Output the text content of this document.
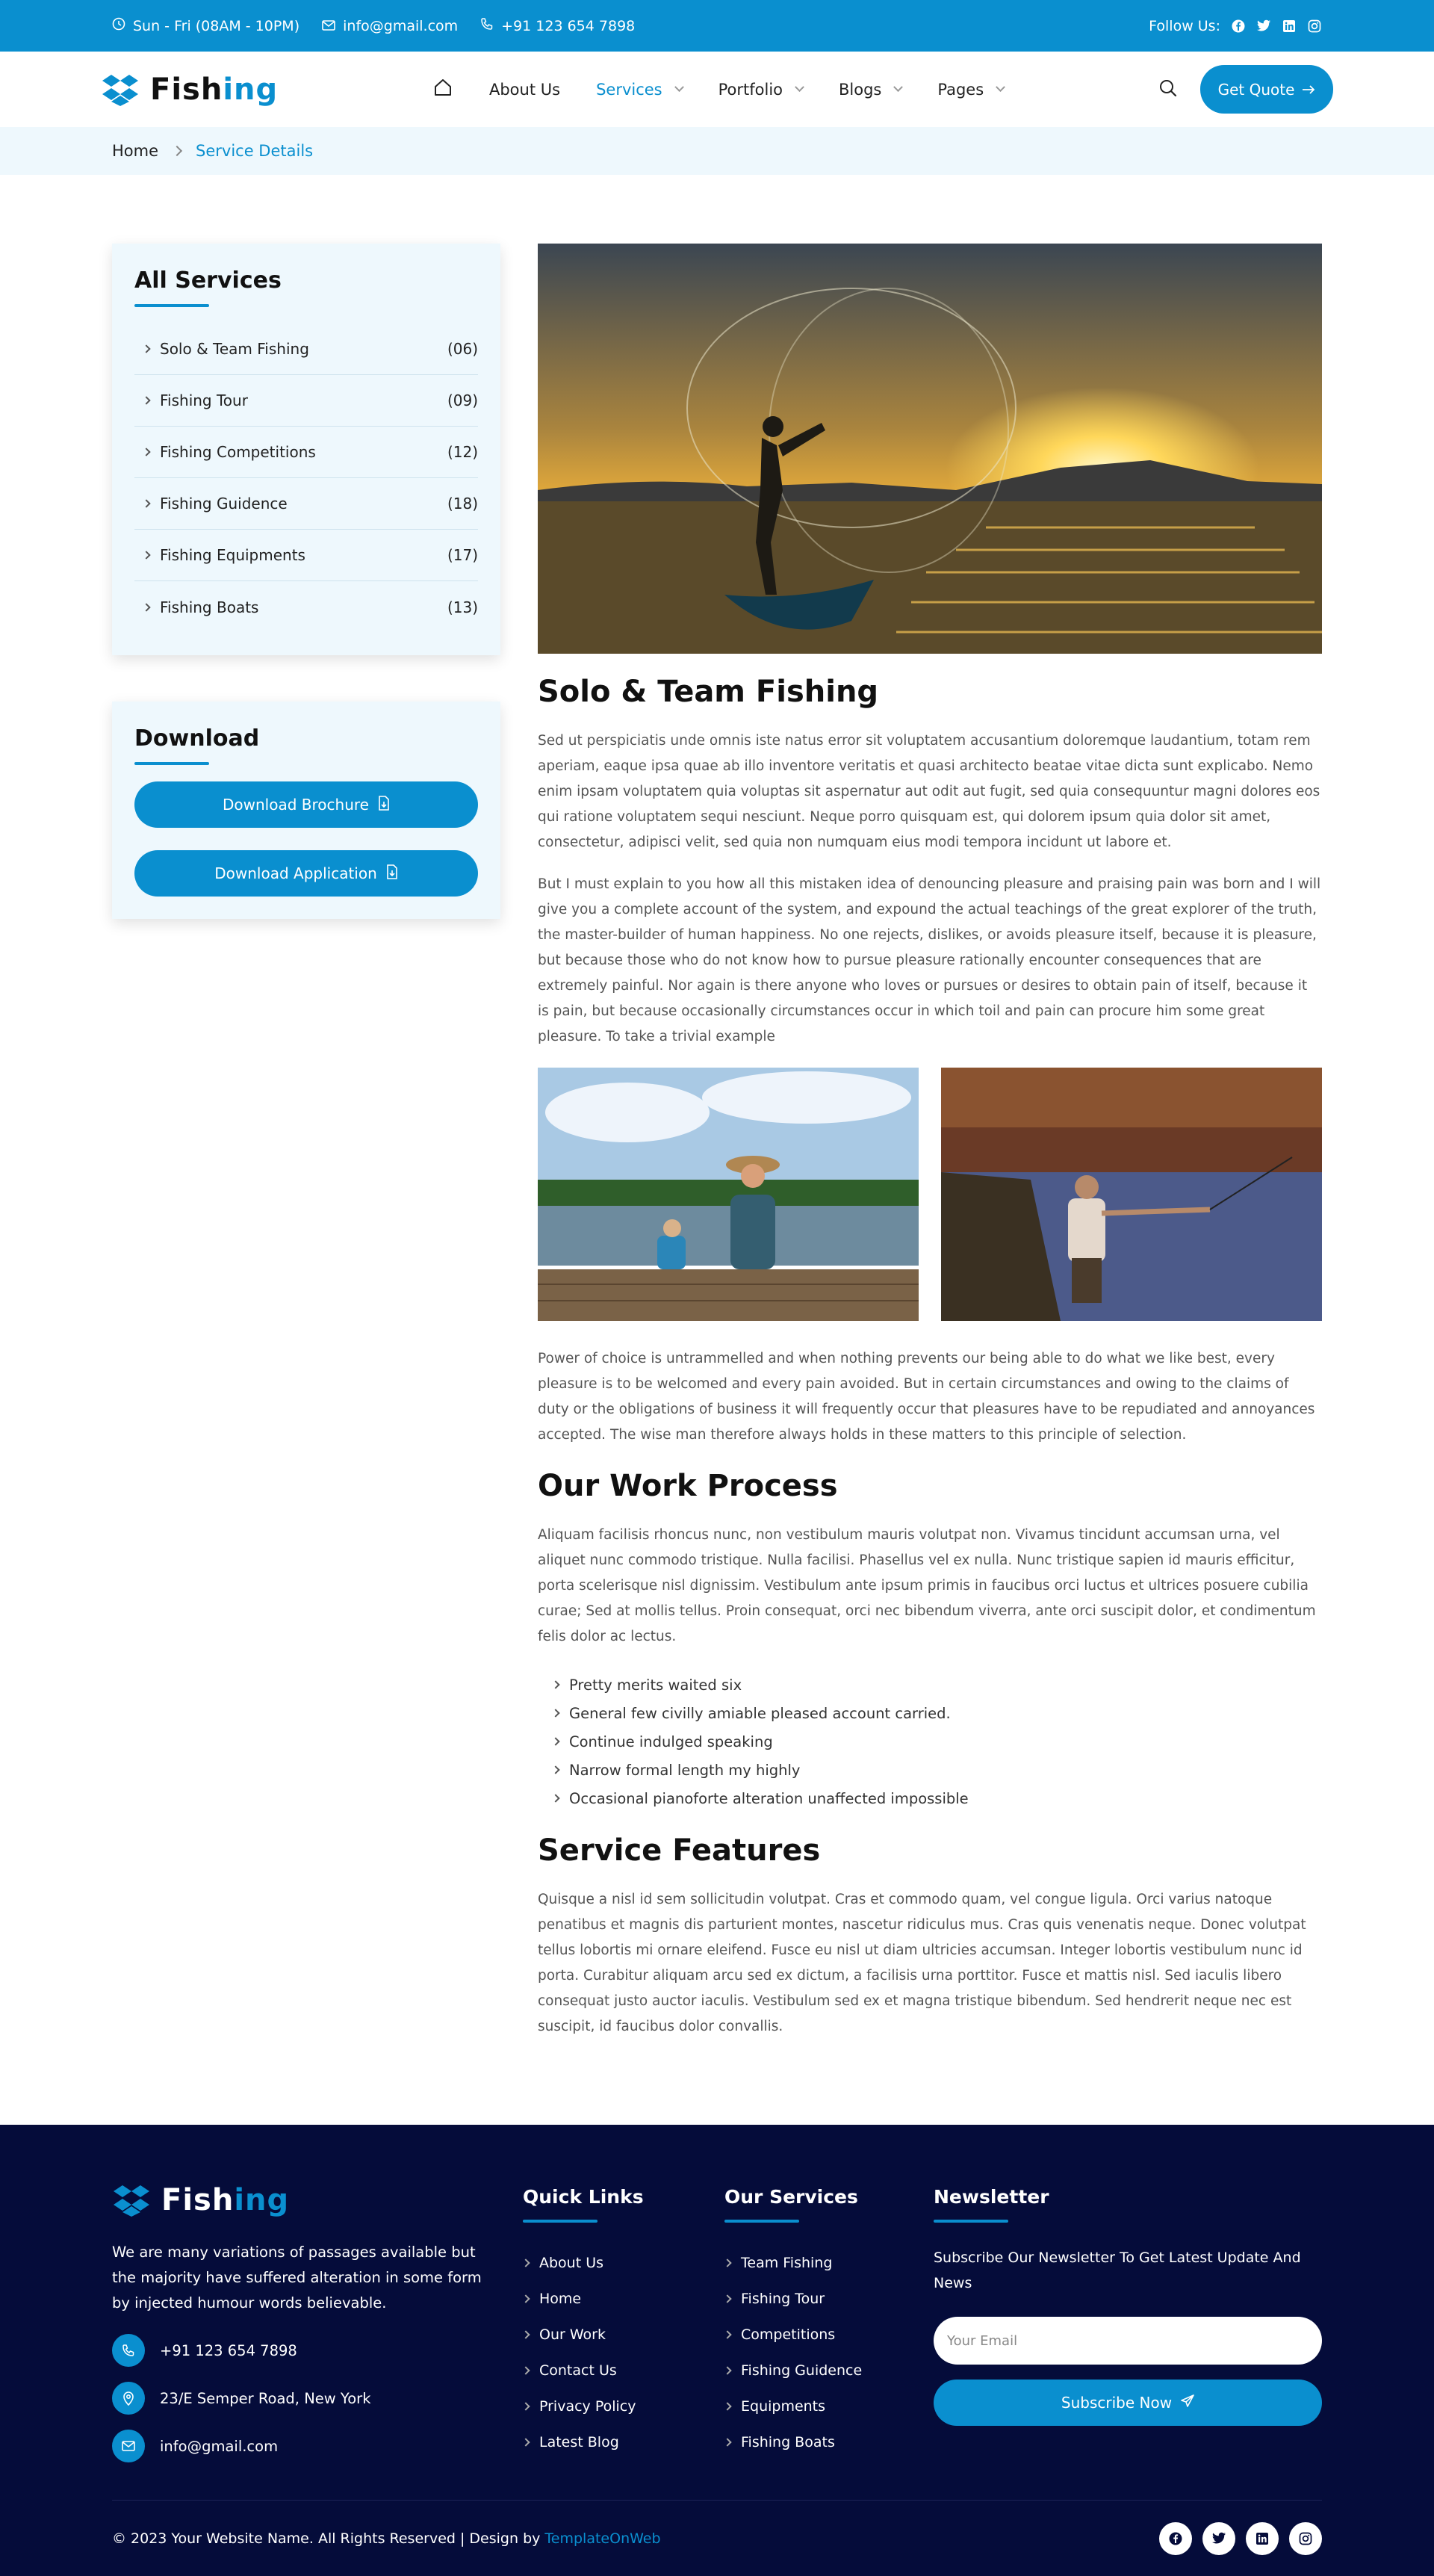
Sun - Fri (08AM - 10PM)	info@gmail.com	+91 123 654 7898	Follow Us:
Fishing	About Us Services	Portfolio	Blogs	Pages	Get Quote
Home Service Details
All Services
Solo & Team Fishing	(06)
Fishing Tour	(09)
Fishing Competitions	(12)
Fishing Guidence	(18)
Fishing Equipments	(17)
Fishing Boats	(13)
Download
Download Brochure
Download Application
Solo & Team Fishing

Sed ut perspiciatis unde omnis iste natus error sit voluptatem accusantium doloremque laudantium, totam rem aperiam, eaque ipsa quae ab illo inventore veritatis et quasi architecto beatae vitae dicta sunt explicabo. Nemo enim ipsam voluptatem quia voluptas sit aspernatur aut odit aut fugit, sed quia consequuntur magni dolores eos qui ratione voluptatem sequi nesciunt. Neque porro quisquam est, qui dolorem ipsum quia dolor sit amet, consectetur, adipisci velit, sed quia non numquam eius modi tempora incidunt ut labore et.

But I must explain to you how all this mistaken idea of denouncing pleasure and praising pain was born and I will give you a complete account of the system, and expound the actual teachings of the great explorer of the truth, the master-builder of human happiness. No one rejects, dislikes, or avoids pleasure itself, because it is pleasure, but because those who do not know how to pursue pleasure rationally encounter consequences that are extremely painful. Nor again is there anyone who loves or pursues or desires to obtain pain of itself, because it is pain, but because occasionally circumstances occur in which toil and pain can procure him some great pleasure. To take a trivial example

Power of choice is untrammelled and when nothing prevents our being able to do what we like best, every pleasure is to be welcomed and every pain avoided. But in certain circumstances and owing to the claims of duty or the obligations of business it will frequently occur that pleasures have to be repudiated and annoyances accepted. The wise man therefore always holds in these matters to this principle of selection.

Our Work Process

Aliquam facilisis rhoncus nunc, non vestibulum mauris volutpat non. Vivamus tincidunt accumsan urna, vel aliquet nunc commodo tristique. Nulla facilisi. Phasellus vel ex nulla. Nunc tristique sapien id mauris efficitur, porta scelerisque nisl dignissim. Vestibulum ante ipsum primis in faucibus orci luctus et ultrices posuere cubilia curae; Sed at mollis tellus. Proin consequat, orci nec bibendum viverra, ante orci suscipit dolor, et condimentum felis dolor ac lectus.

Pretty merits waited six
General few civilly amiable pleased account carried.
Continue indulged speaking
Narrow formal length my highly
Occasional pianoforte alteration unaffected impossible
Service Features

Quisque a nisl id sem sollicitudin volutpat. Cras et commodo quam, vel congue ligula. Orci varius natoque penatibus et magnis dis parturient montes, nascetur ridiculus mus. Cras quis venenatis neque. Donec volutpat tellus lobortis mi ornare eleifend. Fusce eu nisl ut diam ultricies accumsan. Integer lobortis vestibulum nunc id porta. Curabitur aliquam arcu sed ex dictum, a facilisis urna porttitor. Fusce et mattis nisl. Sed iaculis libero consequat justo auctor iaculis. Vestibulum sed ex et magna tristique bibendum. Sed hendrerit neque nec est suscipit, id faucibus dolor convallis.

Fishing

We are many variations of passages available but the majority have suffered alteration in some form by injected humour words believable.

+91 123 654 7898
23/E Semper Road, New York
info@gmail.com
Quick Links
About Us
Home
Our Work
Contact Us
Privacy Policy
Latest Blog
Our Services
Team Fishing
Fishing Tour
Competitions
Fishing Guidence
Equipments
Fishing Boats
Newsletter

Subscribe Our Newsletter To Get Latest Update And News

Your Email
Subscribe Now
© 2023 Your Website Name. All Rights Reserved | Design by TemplateOnWeb
